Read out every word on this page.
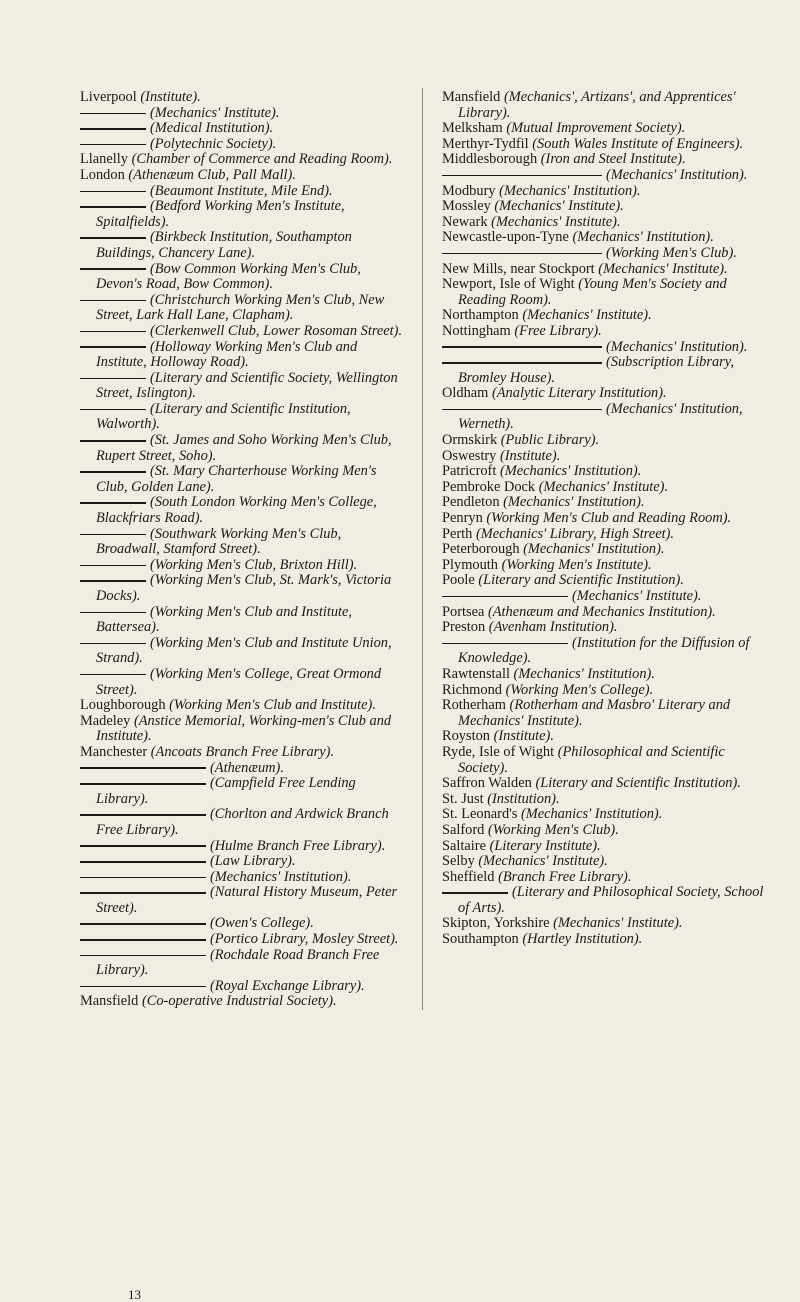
Liverpool (Institute).
(Mechanics' Institute).
(Medical Institution).
(Polytechnic Society).
Llanelly (Chamber of Commerce and Reading Room).
London (Athenæum Club, Pall Mall).
(Beaumont Institute, Mile End).
(Bedford Working Men's Institute, Spitalfields).
(Birkbeck Institution, Southampton Buildings, Chancery Lane).
(Bow Common Working Men's Club, Devon's Road, Bow Common).
(Christchurch Working Men's Club, New Street, Lark Hall Lane, Clapham).
(Clerkenwell Club, Lower Rosoman Street).
(Holloway Working Men's Club and Institute, Holloway Road).
(Literary and Scientific Society, Wellington Street, Islington).
(Literary and Scientific Institution, Walworth).
(St. James and Soho Working Men's Club, Rupert Street, Soho).
(St. Mary Charterhouse Working Men's Club, Golden Lane).
(South London Working Men's College, Blackfriars Road).
(Southwark Working Men's Club, Broadwall, Stamford Street).
(Working Men's Club, Brixton Hill).
(Working Men's Club, St. Mark's, Victoria Docks).
(Working Men's Club and Institute, Battersea).
(Working Men's Club and Institute Union, Strand).
(Working Men's College, Great Ormond Street).
Loughborough (Working Men's Club and Institute).
Madeley (Anstice Memorial, Working-men's Club and Institute).
Manchester (Ancoats Branch Free Library).
(Athenæum).
(Campfield Free Lending Library).
(Chorlton and Ardwick Branch Free Library).
(Hulme Branch Free Library).
(Law Library).
(Mechanics' Institution).
(Natural History Museum, Peter Street).
(Owen's College).
(Portico Library, Mosley Street).
(Rochdale Road Branch Free Library).
(Royal Exchange Library).
Mansfield (Co-operative Industrial Society).
Mansfield (Mechanics', Artizans', and Apprentices' Library).
Melksham (Mutual Improvement Society).
Merthyr-Tydfil (South Wales Institute of Engineers).
Middlesborough (Iron and Steel Institute).
(Mechanics' Institution).
Modbury (Mechanics' Institution).
Mossley (Mechanics' Institute).
Newark (Mechanics' Institute).
Newcastle-upon-Tyne (Mechanics' Institution).
(Working Men's Club).
New Mills, near Stockport (Mechanics' Institute).
Newport, Isle of Wight (Young Men's Society and Reading Room).
Northampton (Mechanics' Institute).
Nottingham (Free Library).
(Mechanics' Institution).
(Subscription Library, Bromley House).
Oldham (Analytic Literary Institution).
(Mechanics' Institution, Werneth).
Ormskirk (Public Library).
Oswestry (Institute).
Patricroft (Mechanics' Institution).
Pembroke Dock (Mechanics' Institute).
Pendleton (Mechanics' Institution).
Penryn (Working Men's Club and Reading Room).
Perth (Mechanics' Library, High Street).
Peterborough (Mechanics' Institution).
Plymouth (Working Men's Institute).
Poole (Literary and Scientific Institution).
(Mechanics' Institute).
Portsea (Athenæum and Mechanics Institution).
Preston (Avenham Institution).
(Institution for the Diffusion of Knowledge).
Rawtenstall (Mechanics' Institution).
Richmond (Working Men's College).
Rotherham (Rotherham and Masbro' Literary and Mechanics' Institute).
Royston (Institute).
Ryde, Isle of Wight (Philosophical and Scientific Society).
Saffron Walden (Literary and Scientific Institution).
St. Just (Institution).
St. Leonard's (Mechanics' Institution).
Salford (Working Men's Club).
Saltaire (Literary Institute).
Selby (Mechanics' Institute).
Sheffield (Branch Free Library).
(Literary and Philosophical Society, School of Arts).
Skipton, Yorkshire (Mechanics' Institute).
Southampton (Hartley Institution).
13
